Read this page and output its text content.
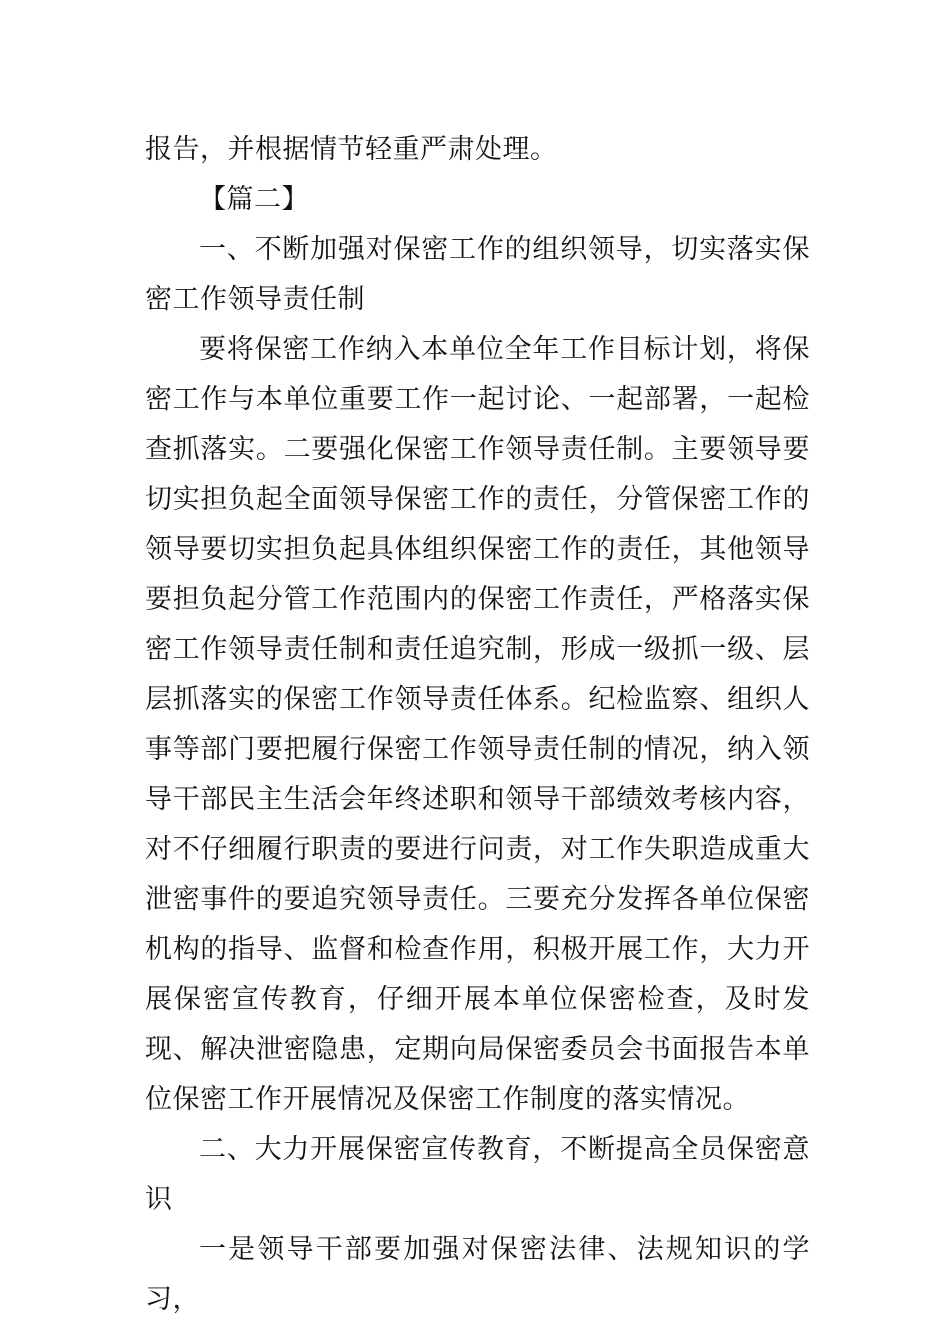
报告，并根据情节轻重严肃处理。

【篇二】

一、不断加强对保密工作的组织领导，切实落实保密工作领导责任制

要将保密工作纳入本单位全年工作目标计划，将保密工作与本单位重要工作一起讨论、一起部署，一起检查抓落实。二要强化保密工作领导责任制。主要领导要切实担负起全面领导保密工作的责任，分管保密工作的领导要切实担负起具体组织保密工作的责任，其他领导要担负起分管工作范围内的保密工作责任，严格落实保密工作领导责任制和责任追究制，形成一级抓一级、层层抓落实的保密工作领导责任体系。纪检监察、组织人事等部门要把履行保密工作领导责任制的情况，纳入领导干部民主生活会年终述职和领导干部绩效考核内容，对不仔细履行职责的要进行问责，对工作失职造成重大泄密事件的要追究领导责任。三要充分发挥各单位保密机构的指导、监督和检查作用，积极开展工作，大力开展保密宣传教育，仔细开展本单位保密检查，及时发现、解决泄密隐患，定期向局保密委员会书面报告本单位保密工作开展情况及保密工作制度的落实情况。

二、大力开展保密宣传教育，不断提高全员保密意识

一是领导干部要加强对保密法律、法规知识的学习，
